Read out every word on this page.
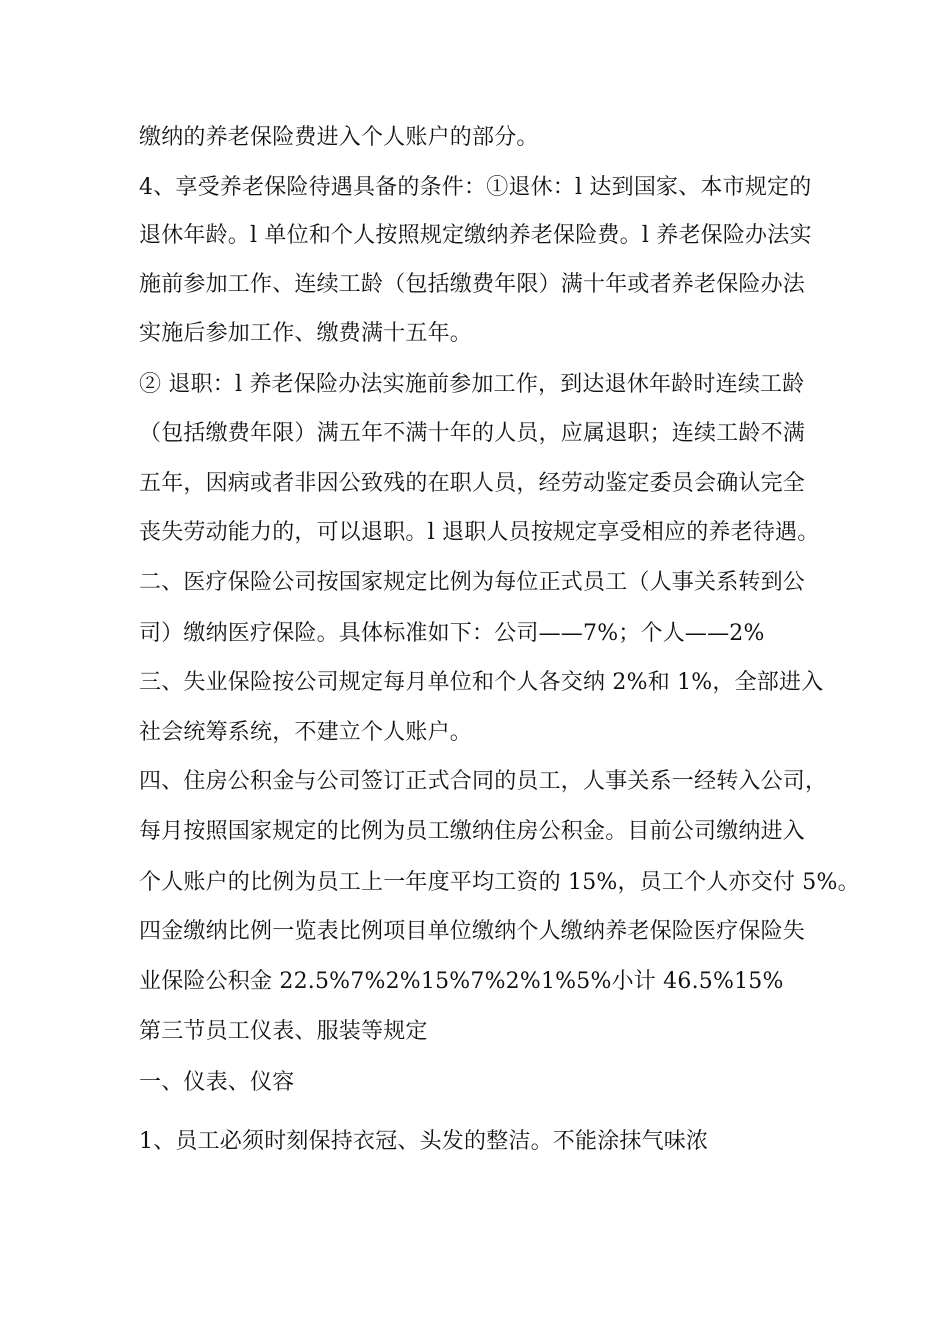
缴纳的养老保险费进入个人账户的部分。
4、享受养老保险待遇具备的条件：①退休：l 达到国家、本市规定的
退休年龄。l 单位和个人按照规定缴纳养老保险费。l 养老保险办法实
施前参加工作、连续工龄（包括缴费年限）满十年或者养老保险办法
实施后参加工作、缴费满十五年。
② 退职：l 养老保险办法实施前参加工作，到达退休年龄时连续工龄
（包括缴费年限）满五年不满十年的人员，应属退职；连续工龄不满
五年，因病或者非因公致残的在职人员，经劳动鉴定委员会确认完全
丧失劳动能力的，可以退职。l 退职人员按规定享受相应的养老待遇。
二、医疗保险公司按国家规定比例为每位正式员工（人事关系转到公
司）缴纳医疗保险。具体标准如下：公司——7%；个人——2%
三、失业保险按公司规定每月单位和个人各交纳 2%和 1%，全部进入
社会统筹系统，不建立个人账户。
四、住房公积金与公司签订正式合同的员工，人事关系一经转入公司，
每月按照国家规定的比例为员工缴纳住房公积金。目前公司缴纳进入
个人账户的比例为员工上一年度平均工资的 15%，员工个人亦交付 5%。
四金缴纳比例一览表比例项目单位缴纳个人缴纳养老保险医疗保险失
业保险公积金 22.5%7%2%15%7%2%1%5%小计 46.5%15%
第三节员工仪表、服装等规定
一、仪表、仪容
1、员工必须时刻保持衣冠、头发的整洁。不能涂抹气味浓
